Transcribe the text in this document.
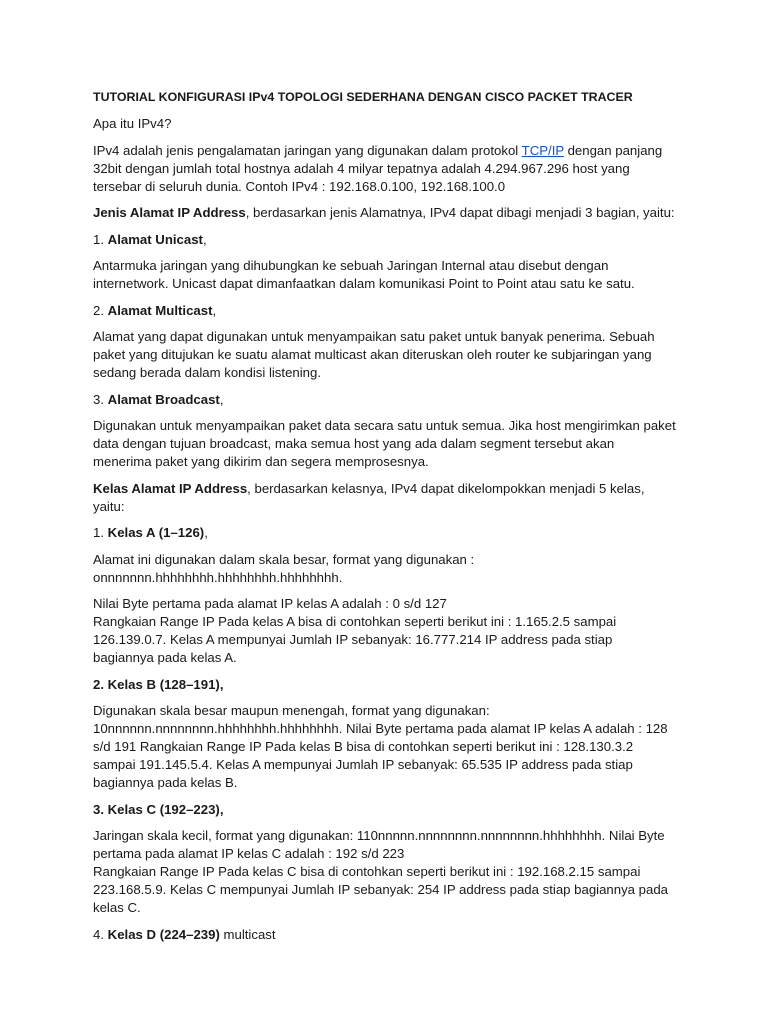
TUTORIAL KONFIGURASI IPv4 TOPOLOGI SEDERHANA DENGAN CISCO PACKET TRACER

Apa itu IPv4?

IPv4 adalah jenis pengalamatan jaringan yang digunakan dalam protokol TCP/IP dengan panjang 32bit dengan jumlah total hostnya adalah 4 milyar tepatnya adalah 4.294.967.296 host yang tersebar di seluruh dunia. Contoh IPv4 : 192.168.0.100, 192.168.100.0

Jenis Alamat IP Address, berdasarkan jenis Alamatnya, IPv4 dapat dibagi menjadi 3 bagian, yaitu:

1. Alamat Unicast,

Antarmuka jaringan yang dihubungkan ke sebuah Jaringan Internal atau disebut dengan internetwork. Unicast dapat dimanfaatkan dalam komunikasi Point to Point atau satu ke satu.

2. Alamat Multicast,

Alamat yang dapat digunakan untuk menyampaikan satu paket untuk banyak penerima. Sebuah paket yang ditujukan ke suatu alamat multicast akan diteruskan oleh router ke subjaringan yang sedang berada dalam kondisi listening.

3. Alamat Broadcast,

Digunakan untuk menyampaikan paket data secara satu untuk semua. Jika host mengirimkan paket data dengan tujuan broadcast, maka semua host yang ada dalam segment tersebut akan menerima paket yang dikirim dan segera memprosesnya.

Kelas Alamat IP Address, berdasarkan kelasnya, IPv4 dapat dikelompokkan menjadi 5 kelas, yaitu:

1. Kelas A (1–126),

Alamat ini digunakan dalam skala besar, format yang digunakan : onnnnnnn.hhhhhhhh.hhhhhhhh.hhhhhhhh.

Nilai Byte pertama pada alamat IP kelas A adalah : 0 s/d 127
Rangkaian Range IP Pada kelas A bisa di contohkan seperti berikut ini : 1.165.2.5 sampai 126.139.0.7. Kelas A mempunyai Jumlah IP sebanyak: 16.777.214 IP address pada stiap bagiannya pada kelas A.

2. Kelas B (128–191),

Digunakan skala besar maupun menengah, format yang digunakan: 10nnnnnn.nnnnnnnn.hhhhhhhh.hhhhhhhh. Nilai Byte pertama pada alamat IP kelas A adalah : 128 s/d 191 Rangkaian Range IP Pada kelas B bisa di contohkan seperti berikut ini : 128.130.3.2 sampai 191.145.5.4. Kelas A mempunyai Jumlah IP sebanyak: 65.535 IP address pada stiap bagiannya pada kelas B.

3. Kelas C (192–223),

Jaringan skala kecil, format yang digunakan: 110nnnnn.nnnnnnnn.nnnnnnnn.hhhhhhhh. Nilai Byte pertama pada alamat IP kelas C adalah : 192 s/d 223
Rangkaian Range IP Pada kelas C bisa di contohkan seperti berikut ini : 192.168.2.15 sampai 223.168.5.9. Kelas C mempunyai Jumlah IP sebanyak: 254 IP address pada stiap bagiannya pada kelas C.

4. Kelas D (224–239) multicast
